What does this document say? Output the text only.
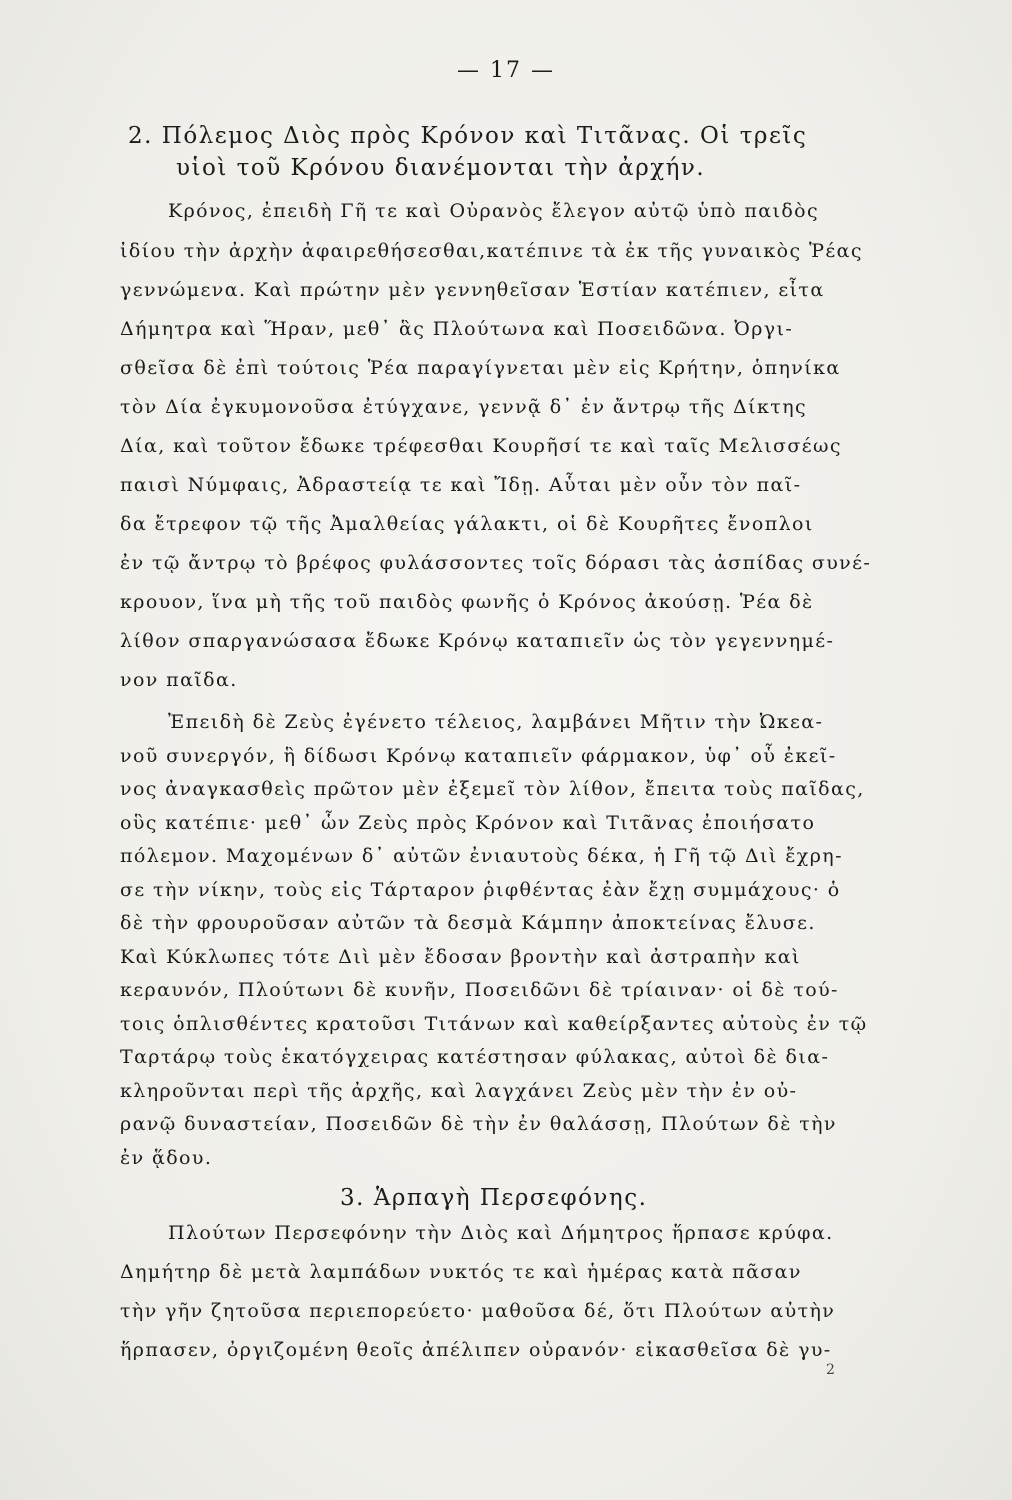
— 17 —
2. Πόλεμος Διὸς πρὸς Κρόνον καὶ Τιτᾶνας. Οἱ τρεῖς
υἱοὶ τοῦ Κρόνου διανέμονται τὴν ἀρχήν.
Κρόνος, ἐπειδὴ Γῆ τε καὶ Οὐρανὸς ἔλεγον αὐτῷ ὑπὸ παιδὸς
ἰδίου τὴν ἀρχὴν ἀφαιρεθήσεσθαι,κατέπινε τὰ ἐκ τῆς γυναικὸς Ῥέας
γεννώμενα. Καὶ πρώτην μὲν γεννηθεῖσαν Ἑστίαν κατέπιεν, εἶτα
Δήμητρα καὶ Ἥραν, μεθ᾽ ἃς Πλούτωνα καὶ Ποσειδῶνα. Ὀργι-
σθεῖσα δὲ ἐπὶ τούτοις Ῥέα παραγίγνεται μὲν εἰς Κρήτην, ὁπηνίκα
τὸν Δία ἐγκυμονοῦσα ἐτύγχανε, γεννᾷ δ᾽ ἐν ἄντρῳ τῆς Δίκτης
Δία, καὶ τοῦτον ἔδωκε τρέφεσθαι Κουρῆσί τε καὶ ταῖς Μελισσέως
παισὶ Νύμφαις, Ἀδραστείᾳ τε καὶ Ἴδῃ. Αὗται μὲν οὖν τὸν παῖ-
δα ἔτρεφον τῷ τῆς Ἀμαλθείας γάλακτι, οἱ δὲ Κουρῆτες ἔνοπλοι
ἐν τῷ ἄντρῳ τὸ βρέφος φυλάσσοντες τοῖς δόρασι τὰς ἀσπίδας συνέ-
κρουον, ἵνα μὴ τῆς τοῦ παιδὸς φωνῆς ὁ Κρόνος ἀκούσῃ. Ῥέα δὲ
λίθον σπαργανώσασα ἔδωκε Κρόνῳ καταπιεῖν ὡς τὸν γεγεννημέ-
νον παῖδα.
Ἐπειδὴ δὲ Ζεὺς ἐγένετο τέλειος, λαμβάνει Μῆτιν τὴν Ὠκεα-
νοῦ συνεργόν, ἣ δίδωσι Κρόνῳ καταπιεῖν φάρμακον, ὑφ᾽ οὗ ἐκεῖ-
νος ἀναγκασθεὶς πρῶτον μὲν ἐξεμεῖ τὸν λίθον, ἔπειτα τοὺς παῖδας,
οὓς κατέπιε· μεθ᾽ ὧν Ζεὺς πρὸς Κρόνον καὶ Τιτᾶνας ἐποιήσατο
πόλεμον. Μαχομένων δ᾽ αὐτῶν ἐνιαυτοὺς δέκα, ἡ Γῆ τῷ Διὶ ἔχρη-
σε τὴν νίκην, τοὺς εἰς Τάρταρον ῥιφθέντας ἐὰν ἔχῃ συμμάχους· ὁ
δὲ τὴν φρουροῦσαν αὐτῶν τὰ δεσμὰ Κάμπην ἀποκτείνας ἔλυσε.
Καὶ Κύκλωπες τότε Διὶ μὲν ἔδοσαν βροντὴν καὶ ἀστραπὴν καὶ
κεραυνόν, Πλούτωνι δὲ κυνῆν, Ποσειδῶνι δὲ τρίαιναν· οἱ δὲ τού-
τοις ὁπλισθέντες κρατοῦσι Τιτάνων καὶ καθείρξαντες αὐτοὺς ἐν τῷ
Ταρτάρῳ τοὺς ἑκατόγχειρας κατέστησαν φύλακας, αὐτοὶ δὲ δια-
κληροῦνται περὶ τῆς ἀρχῆς, καὶ λαγχάνει Ζεὺς μὲν τὴν ἐν οὐ-
ρανῷ δυναστείαν, Ποσειδῶν δὲ τὴν ἐν θαλάσσῃ, Πλούτων δὲ τὴν
ἐν ᾅδου.
3. Ἁρπαγὴ Περσεφόνης.
Πλούτων Περσεφόνην τὴν Διὸς καὶ Δήμητρος ἥρπασε κρύφα.
Δημήτηρ δὲ μετὰ λαμπάδων νυκτός τε καὶ ἡμέρας κατὰ πᾶσαν
τὴν γῆν ζητοῦσα περιεπορεύετο· μαθοῦσα δέ, ὅτι Πλούτων αὐτὴν
ἥρπασεν, ὀργιζομένη θεοῖς ἀπέλιπεν οὐρανόν· εἰκασθεῖσα δὲ γυ-
2
